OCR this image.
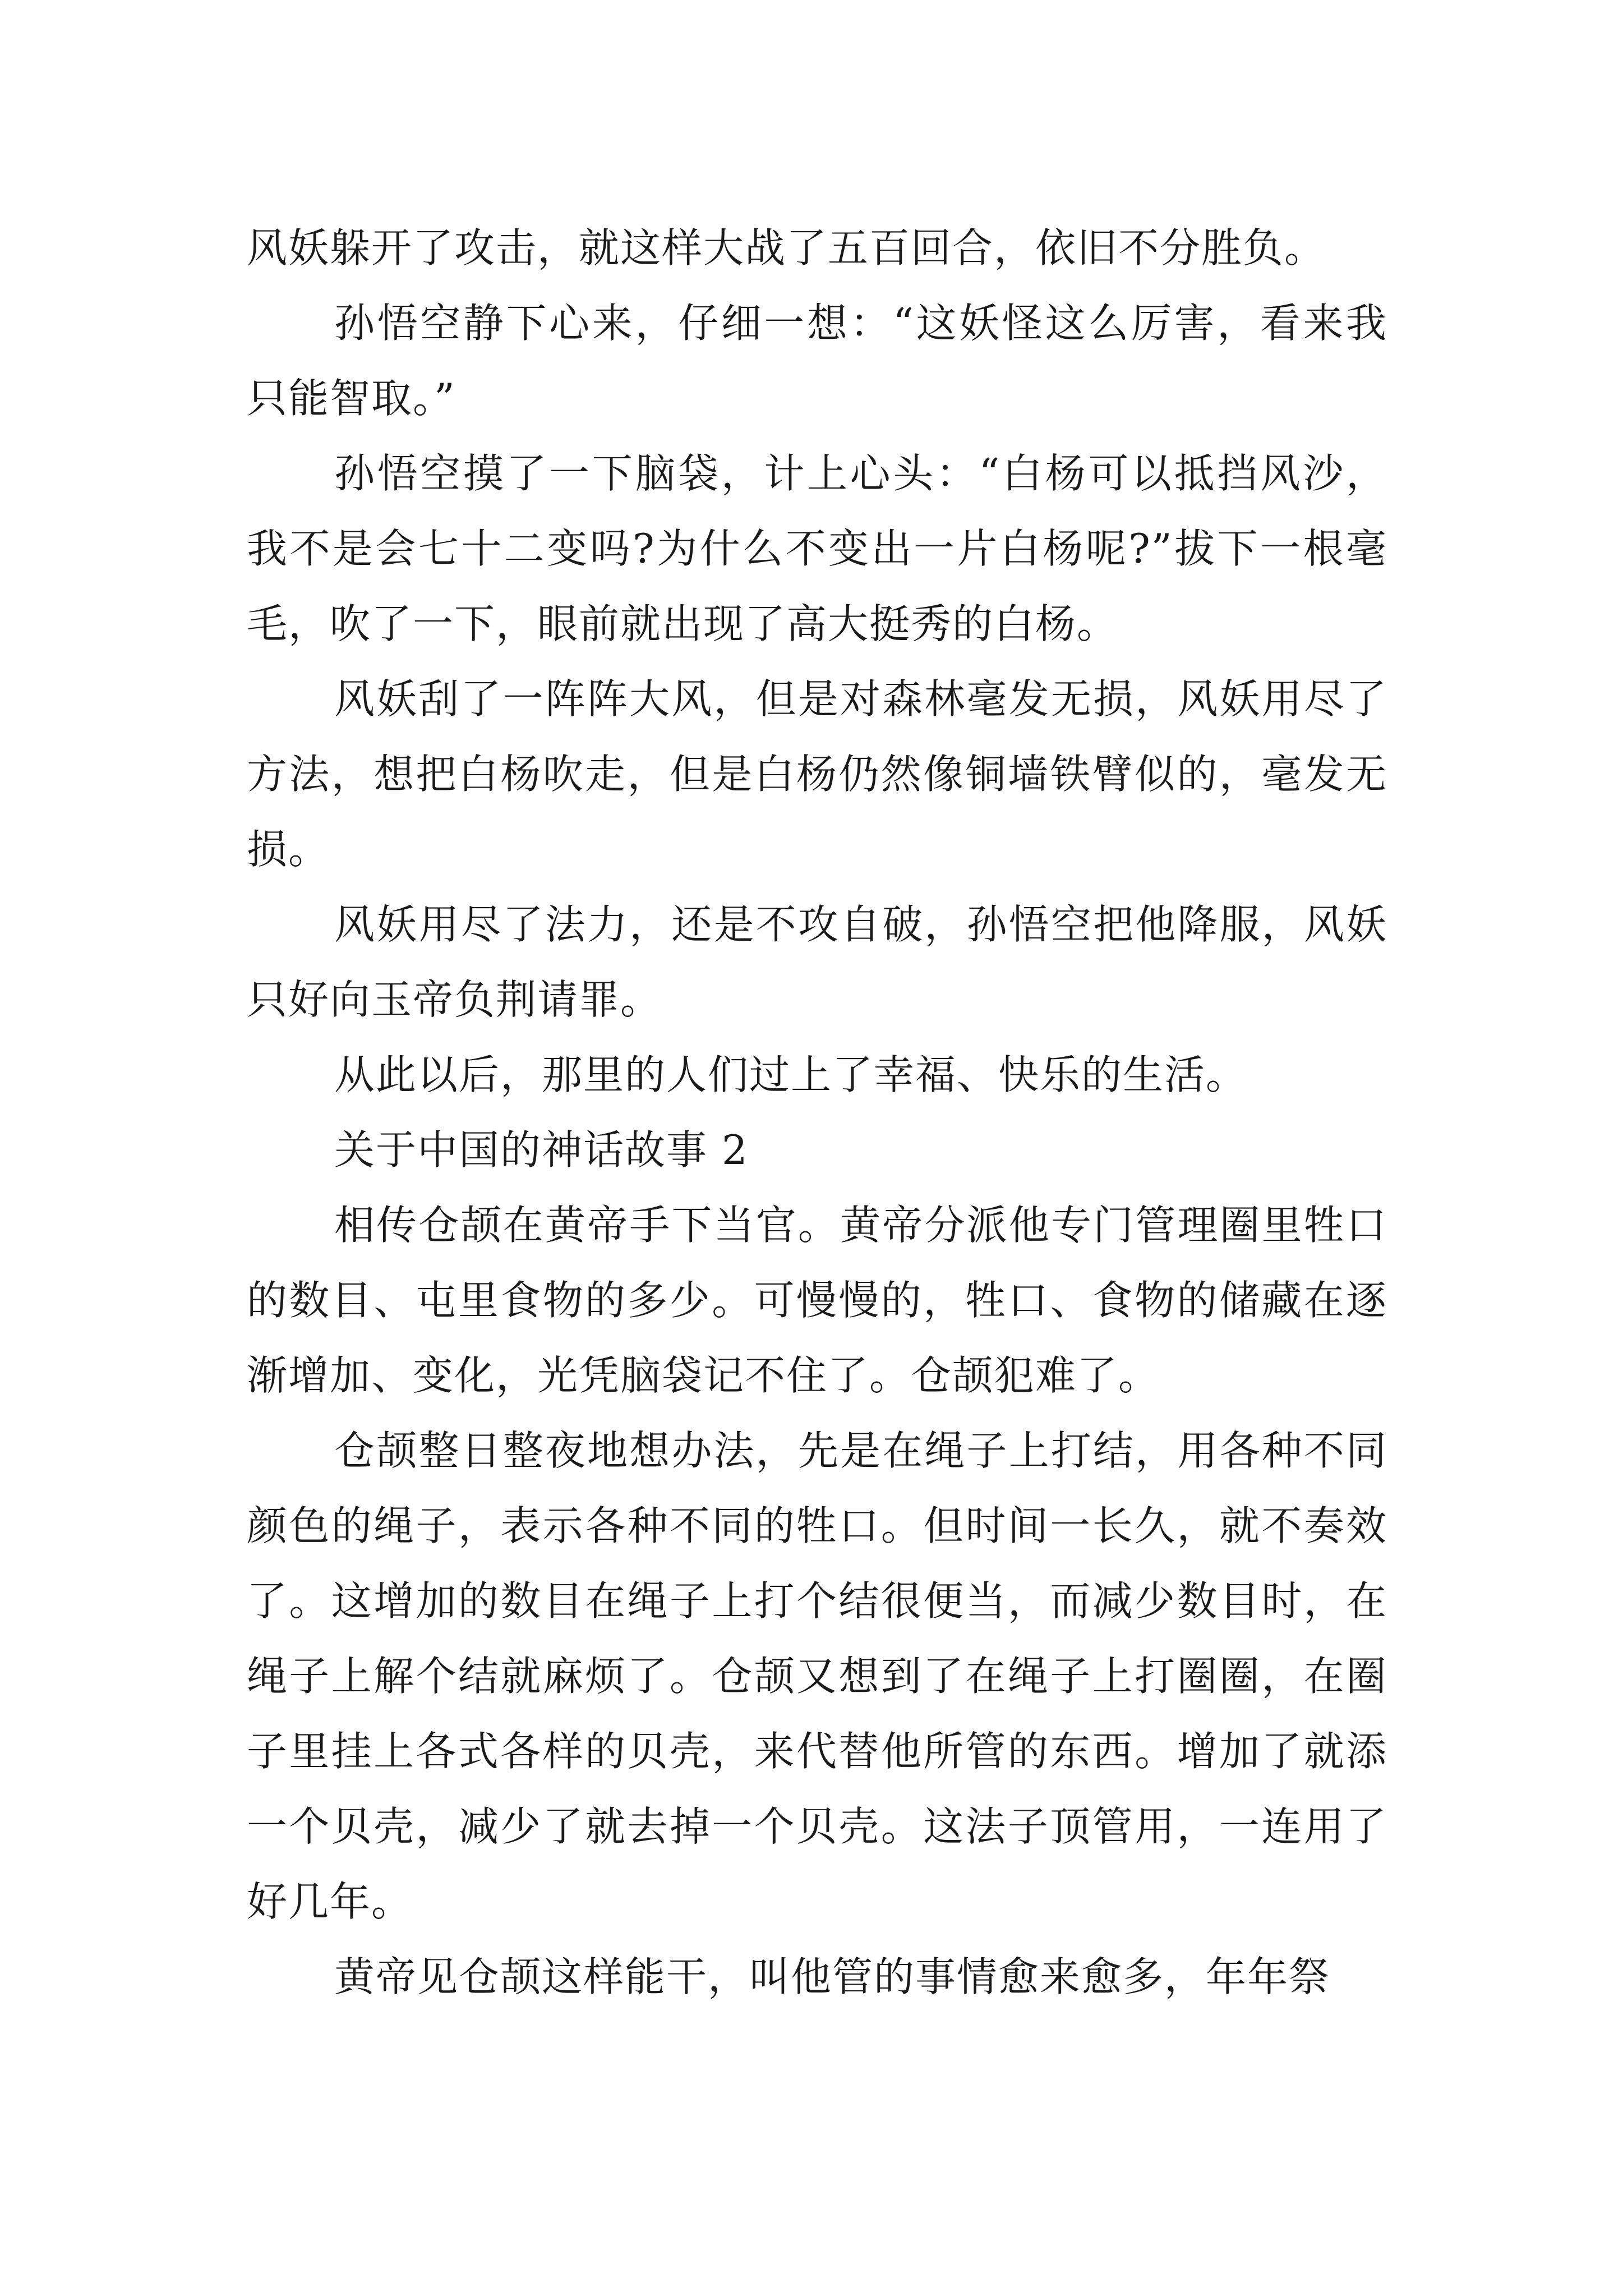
风妖躲开了攻击，就这样大战了五百回合，依旧不分胜负。

孙悟空静下心来，仔细一想：“这妖怪这么厉害，看来我只能智取。”

孙悟空摸了一下脑袋，计上心头：“白杨可以抵挡风沙，我不是会七十二变吗?为什么不变出一片白杨呢?”拔下一根毫毛，吹了一下，眼前就出现了高大挺秀的白杨。

风妖刮了一阵阵大风，但是对森林毫发无损，风妖用尽了方法，想把白杨吹走，但是白杨仍然像铜墙铁臂似的，毫发无损。

风妖用尽了法力，还是不攻自破，孙悟空把他降服，风妖只好向玉帝负荆请罪。

从此以后，那里的人们过上了幸福、快乐的生活。

关于中国的神话故事 2

相传仓颉在黄帝手下当官。黄帝分派他专门管理圈里牲口的数目、屯里食物的多少。可慢慢的，牲口、食物的储藏在逐渐增加、变化，光凭脑袋记不住了。仓颉犯难了。

仓颉整日整夜地想办法，先是在绳子上打结，用各种不同颜色的绳子，表示各种不同的牲口。但时间一长久，就不奏效了。这增加的数目在绳子上打个结很便当，而减少数目时，在绳子上解个结就麻烦了。仓颉又想到了在绳子上打圈圈，在圈子里挂上各式各样的贝壳，来代替他所管的东西。增加了就添一个贝壳，减少了就去掉一个贝壳。这法子顶管用，一连用了好几年。

黄帝见仓颉这样能干，叫他管的事情愈来愈多，年年祭
